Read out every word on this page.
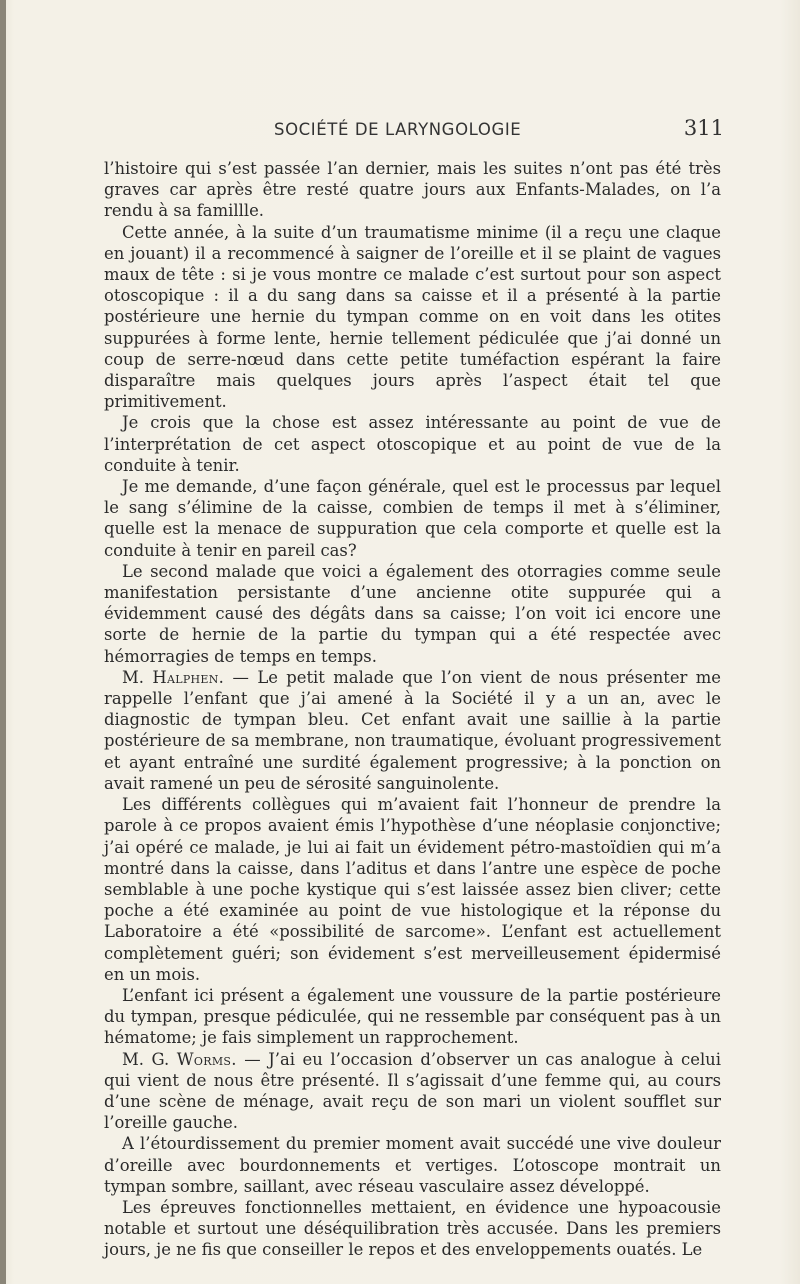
SOCIÉTÉ DE LARYNGOLOGIE	311

l’histoire qui s’est passée l’an dernier, mais les suites n’ont pas été très graves car après être resté quatre jours aux Enfants-Malades, on l’a rendu à sa famillle.

Cette année, à la suite d’un traumatisme minime (il a reçu une claque en jouant) il a recommencé à saigner de l’oreille et il se plaint de vagues maux de tête : si je vous montre ce malade c’est surtout pour son aspect otoscopique : il a du sang dans sa caisse et il a présenté à la partie postérieure une hernie du tympan comme on en voit dans les otites suppurées à forme lente, hernie tellement pédiculée que j’ai donné un coup de serre-nœud dans cette petite tuméfaction espérant la faire disparaître mais quelques jours après l’aspect était tel que primitivement.

Je crois que la chose est assez intéressante au point de vue de l’interprétation de cet aspect otoscopique et au point de vue de la conduite à tenir.

Je me demande, d’une façon générale, quel est le processus par lequel le sang s’élimine de la caisse, combien de temps il met à s’éliminer, quelle est la menace de suppuration que cela comporte et quelle est la conduite à tenir en pareil cas?

Le second malade que voici a également des otorragies comme seule manifestation persistante d’une ancienne otite suppurée qui a évidemment causé des dégâts dans sa caisse; l’on voit ici encore une sorte de hernie de la partie du tympan qui a été respectée avec hémorragies de temps en temps.

M. Halphen. — Le petit malade que l’on vient de nous présenter me rappelle l’enfant que j’ai amené à la Société il y a un an, avec le diagnostic de tympan bleu. Cet enfant avait une saillie à la partie postérieure de sa membrane, non traumatique, évoluant progressivement et ayant entraîné une surdité également progressive; à la ponction on avait ramené un peu de sérosité sanguinolente.

Les différents collègues qui m’avaient fait l’honneur de prendre la parole à ce propos avaient émis l’hypothèse d’une néoplasie conjonctive; j’ai opéré ce malade, je lui ai fait un évidement pétro-mastoïdien qui m’a montré dans la caisse, dans l’aditus et dans l’antre une espèce de poche semblable à une poche kystique qui s’est laissée assez bien cliver; cette poche a été examinée au point de vue histologique et la réponse du Laboratoire a été «possibilité de sarcome». L’enfant est actuellement complètement guéri; son évidement s’est merveilleusement épidermisé en un mois.

L’enfant ici présent a également une voussure de la partie postérieure du tympan, presque pédiculée, qui ne ressemble par conséquent pas à un hématome; je fais simplement un rapprochement.

M. G. Worms. — J’ai eu l’occasion d’observer un cas analogue à celui qui vient de nous être présenté. Il s’agissait d’une femme qui, au cours d’une scène de ménage, avait reçu de son mari un violent soufflet sur l’oreille gauche.

A l’étourdissement du premier moment avait succédé une vive douleur d’oreille avec bourdonnements et vertiges. L’otoscope montrait un tympan sombre, saillant, avec réseau vasculaire assez développé.

Les épreuves fonctionnelles mettaient, en évidence une hypoacousie notable et surtout une déséquilibration très accusée. Dans les premiers jours, je ne fis que conseiller le repos et des enveloppements ouatés. Le
